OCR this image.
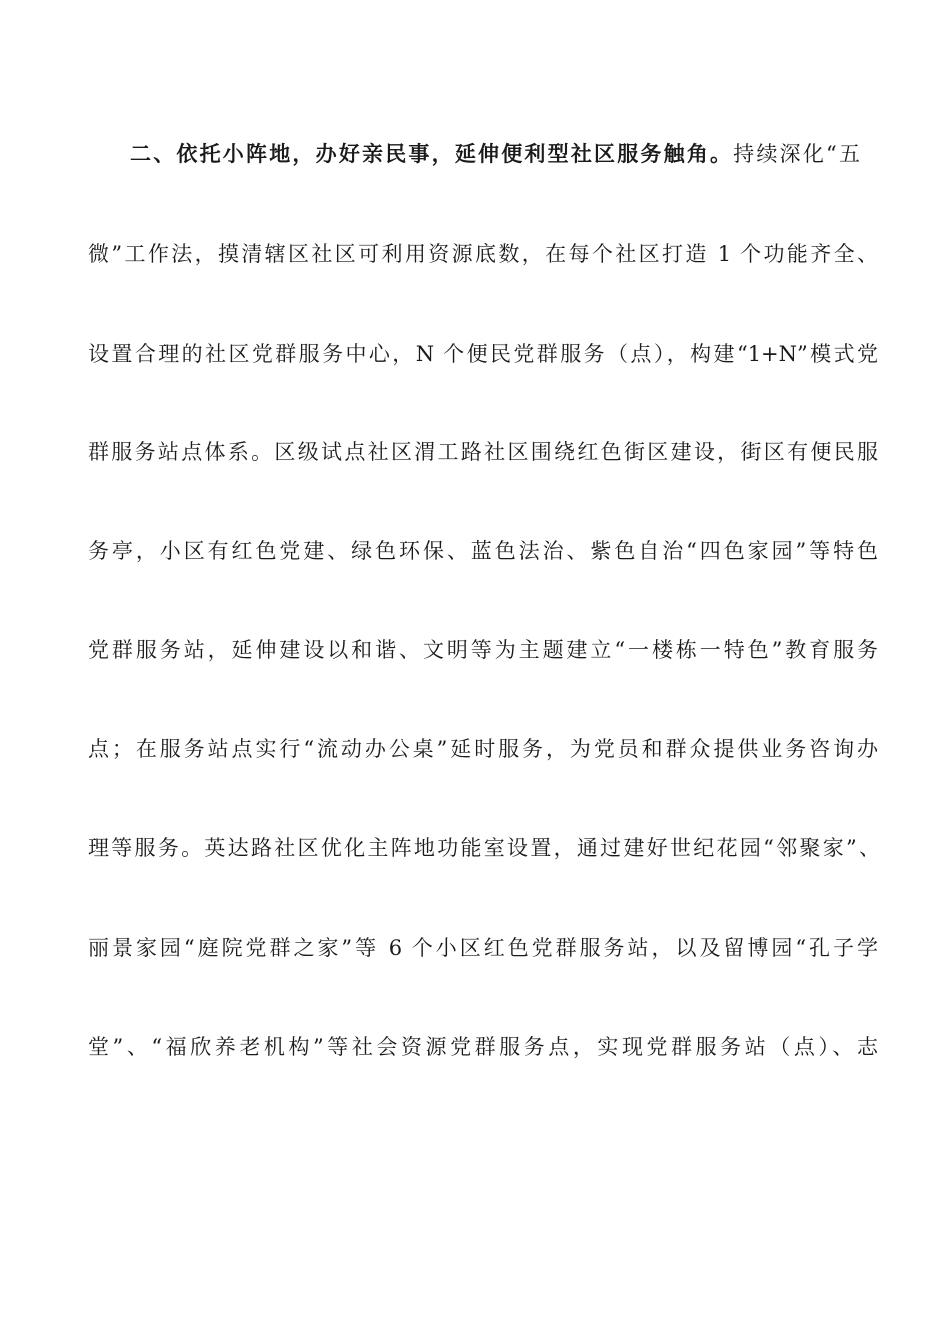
二、依托小阵地，办好亲民事，延伸便利型社区服务触角。持续深化“五
微”工作法，摸清辖区社区可利用资源底数，在每个社区打造 1 个功能齐全、
设置合理的社区党群服务中心，N 个便民党群服务（点），构建“1+N”模式党
群服务站点体系。区级试点社区渭工路社区围绕红色街区建设，街区有便民服
务亭，小区有红色党建、绿色环保、蓝色法治、紫色自治“四色家园”等特色
党群服务站，延伸建设以和谐、文明等为主题建立“一楼栋一特色”教育服务
点；在服务站点实行“流动办公桌”延时服务，为党员和群众提供业务咨询办
理等服务。英达路社区优化主阵地功能室设置，通过建好世纪花园“邻聚家”、
丽景家园“庭院党群之家”等 6 个小区红色党群服务站，以及留博园“孔子学
堂”、“福欣养老机构”等社会资源党群服务点，实现党群服务站（点）、志
